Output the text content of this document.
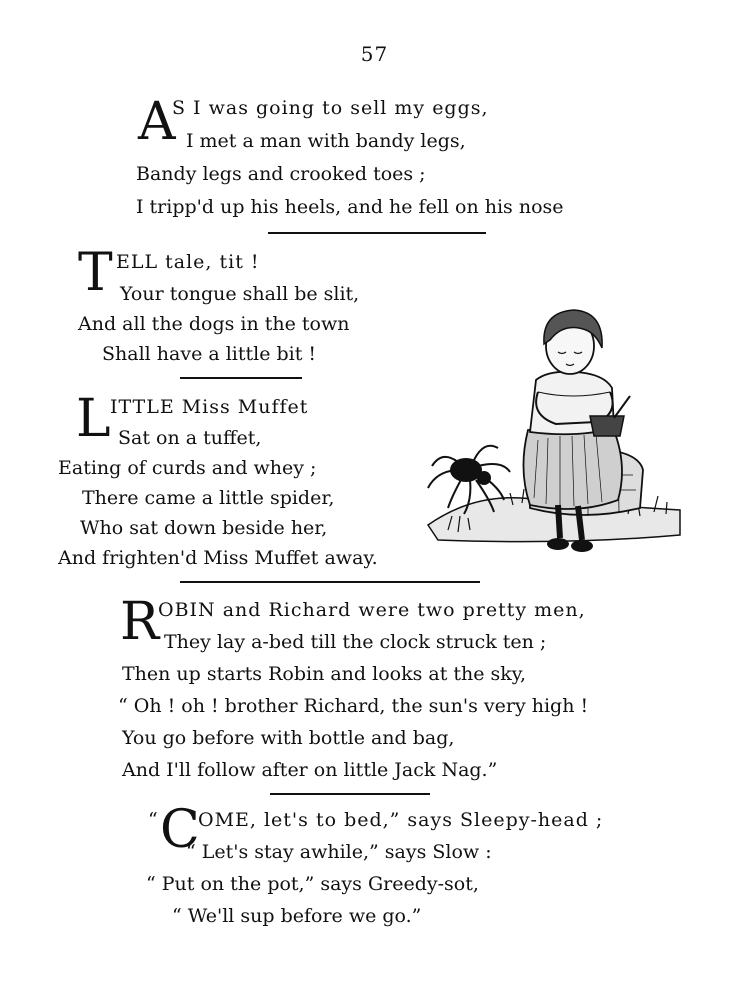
57
A
S I was going to sell my eggs,
I met a man with bandy legs,
Bandy legs and crooked toes ;
I tripp'd up his heels, and he fell on his nose
T ELL tale, tit !
Your tongue shall be slit,
And all the dogs in the town
Shall have a little bit !
L ITTLE Miss Muffet
Sat on a tuffet,
Eating of curds and whey ;
There came a little spider,
Who sat down beside her,
And frighten'd Miss Muffet away.
R
OBIN and Richard were two pretty men,
They lay a-bed till the clock struck ten ;
Then up starts Robin and looks at the sky,
“ Oh ! oh ! brother Richard, the sun's very high !
You go before with bottle and bag,
And I'll follow after on little Jack Nag.”
“ C
OME, let's to bed,” says Sleepy-head ;
“ Let's stay awhile,” says Slow :
“ Put on the pot,” says Greedy-sot,
“ We'll sup before we go.”
